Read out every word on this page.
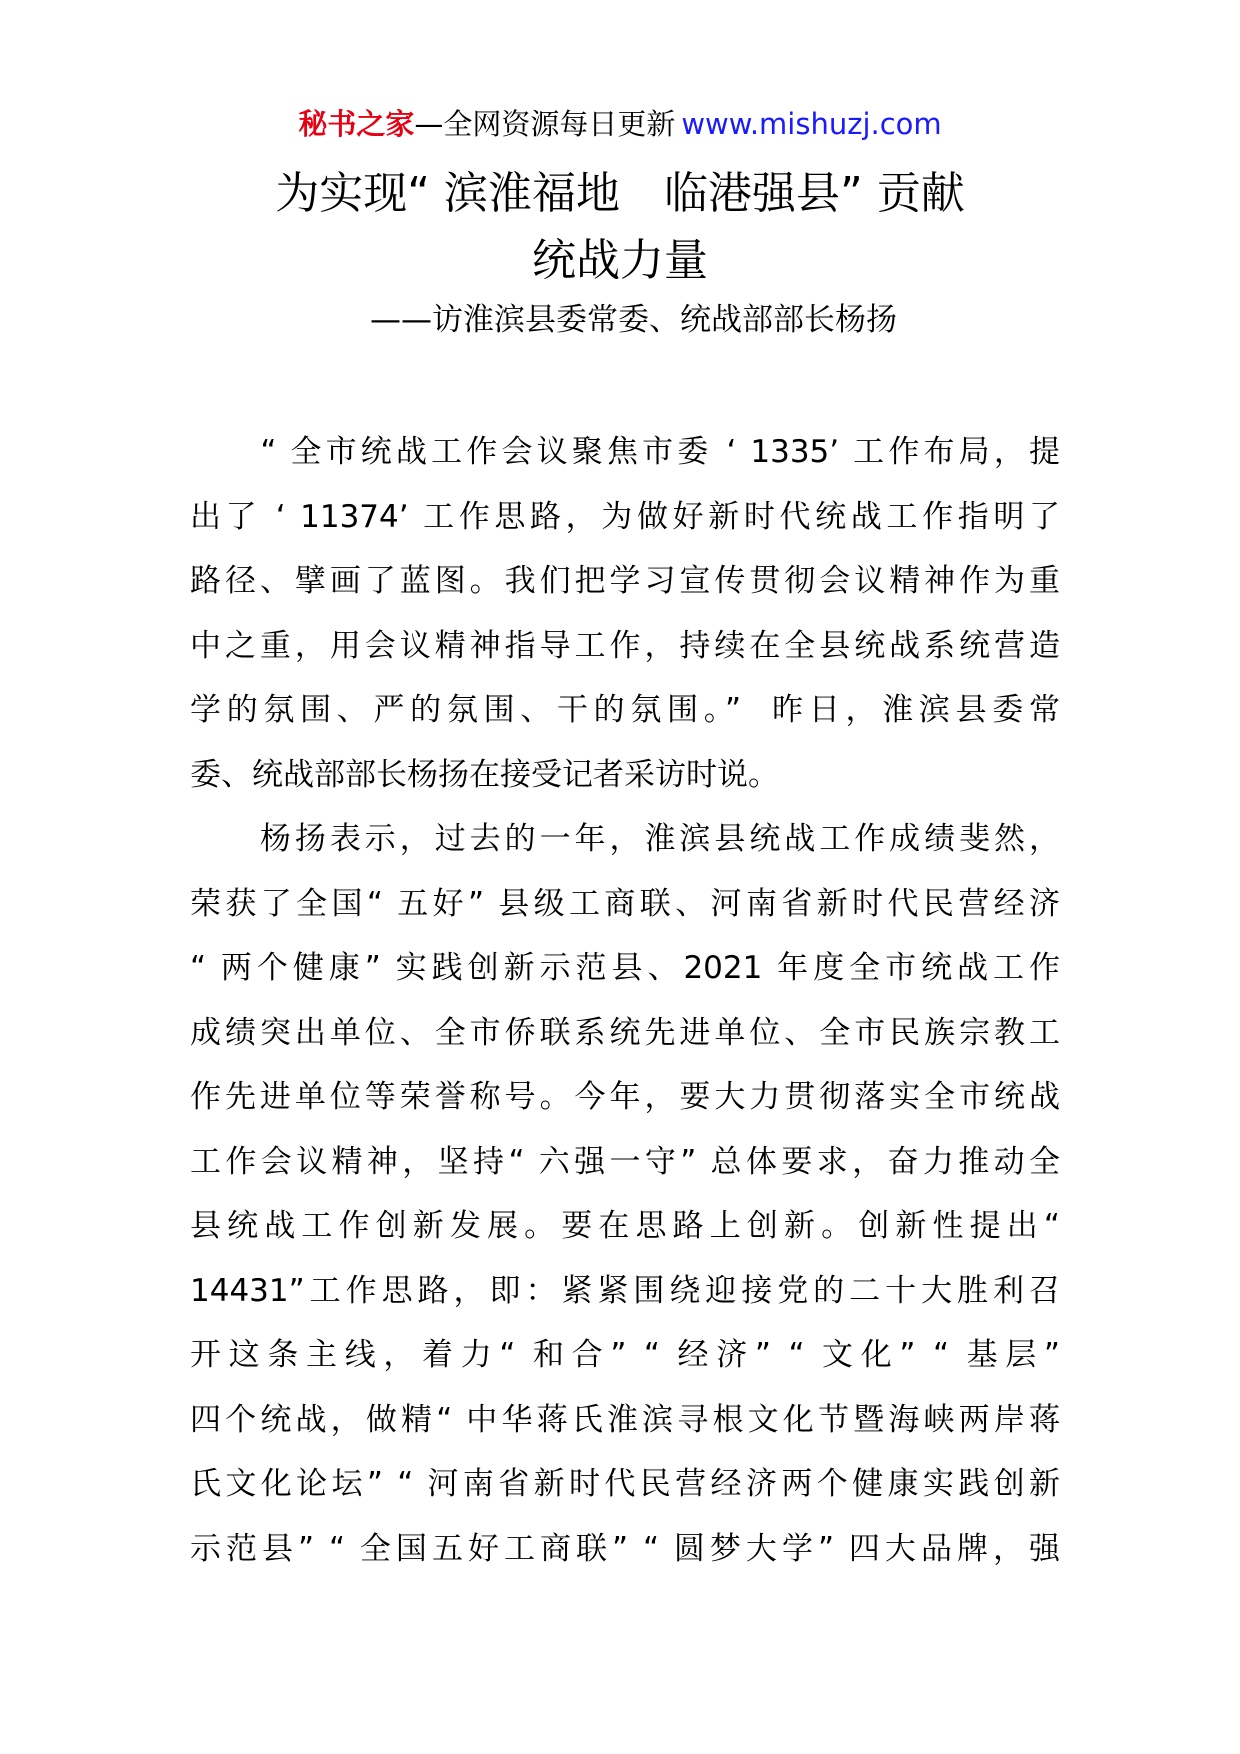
秘书之家—全网资源每日更新 www.mishuzj.com
为实现“ 滨淮福地　临港强县” 贡献
统战力量
——访淮滨县委常委、统战部部长杨扬
　　“ 全市统战工作会议聚焦市委 ‘ 1335’ 工作布局，提
出了 ‘ 11374’ 工作思路，为做好新时代统战工作指明了
路径、擘画了蓝图。我们把学习宣传贯彻会议精神作为重
中之重，用会议精神指导工作，持续在全县统战系统营造
学的氛围、严的氛围、干的氛围。”  昨日，淮滨县委常
委、统战部部长杨扬在接受记者采访时说。
　　杨扬表示，过去的一年，淮滨县统战工作成绩斐然，
荣获了全国“ 五好” 县级工商联、河南省新时代民营经济
“ 两个健康” 实践创新示范县、2021 年度全市统战工作
成绩突出单位、全市侨联系统先进单位、全市民族宗教工
作先进单位等荣誉称号。今年，要大力贯彻落实全市统战
工作会议精神，坚持“ 六强一守” 总体要求，奋力推动全
县统战工作创新发展。要在思路上创新。创新性提出“
14431”工作思路，即：紧紧围绕迎接党的二十大胜利召
开这条主线，着力“ 和合” “ 经济” “ 文化” “ 基层”
四个统战，做精“ 中华蒋氏淮滨寻根文化节暨海峡两岸蒋
氏文化论坛” “ 河南省新时代民营经济两个健康实践创新
示范县” “ 全国五好工商联” “ 圆梦大学” 四大品牌，强
